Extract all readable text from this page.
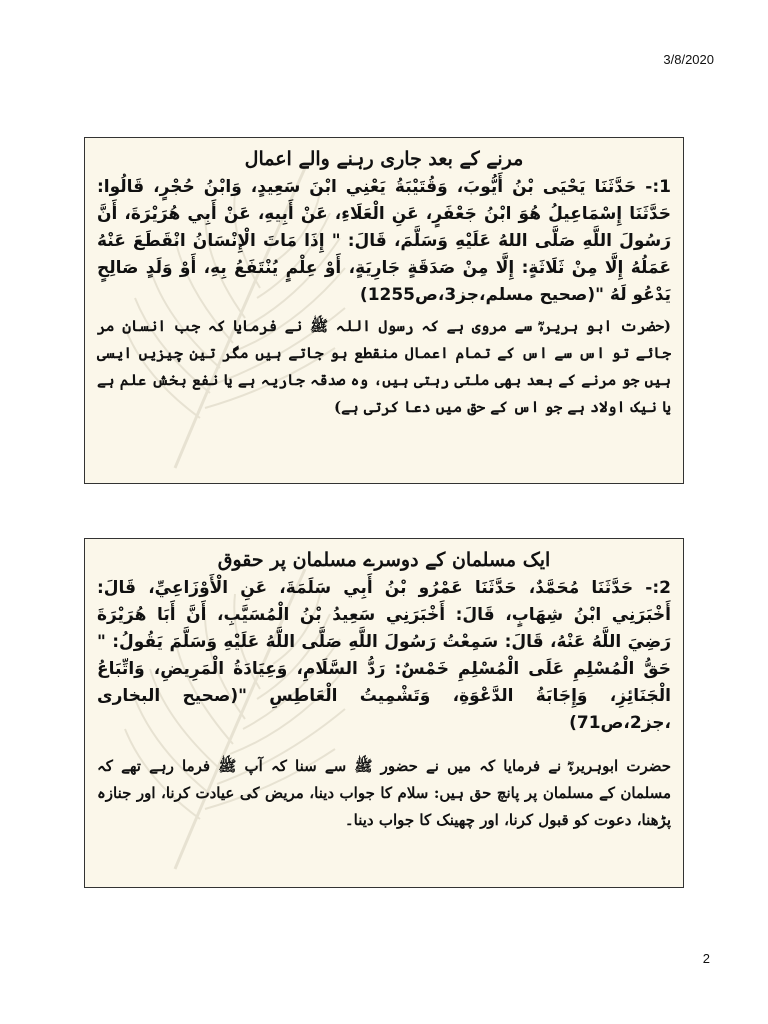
3/8/2020
مرنے کے بعد جاری رہنے والے اعمال

1:- حَدَّثَنَا يَحْيَى بْنُ أَيُّوبَ، وَقُتَيْبَةُ يَعْنِي ابْنَ سَعِيدٍ، وَابْنُ حُجْرٍ، قَالُوا: حَدَّثَنَا إِسْمَاعِيلُ هُوَ ابْنُ جَعْفَرٍ، عَنِ الْعَلَاءِ، عَنْ أَبِيهِ، عَنْ أَبِي هُرَيْرَةَ، أَنَّ رَسُولَ اللَّهِ صَلَّى اللهُ عَلَيْهِ وَسَلَّمَ، قَالَ: " إِذَا مَاتَ الْإِنْسَانُ انْقَطَعَ عَنْهُ عَمَلُهُ إِلَّا مِنْ ثَلَاثَةٍ: إِلَّا مِنْ صَدَقَةٍ جَارِيَةٍ، أَوْ عِلْمٍ يُنْتَفَعُ بِهِ، أَوْ وَلَدٍ صَالِحٍ يَدْعُو لَهُ "(صحيح مسلم،جز3،ص1255)

(حضرت ابو ہریرہؓ سے مروی ہے کہ رسول اللہ ﷺ نے فرمایا کہ جب انسان مر جائے تو اس سے اس کے تمام اعمال منقطع ہو جاتے ہیں مگر تین چیزیں ایسی ہیں جو مرنے کے بعد بھی ملتی رہتی ہیں، وہ صدقہ جاریہ ہے یا نفع بخش علم ہے یا نیک اولاد ہے جو اس کے حق میں دعا کرتی ہے)

ایک مسلمان کے دوسرے مسلمان پر حقوق

2:- حَدَّثَنَا مُحَمَّدٌ، حَدَّثَنَا عَمْرُو بْنُ أَبِي سَلَمَةَ، عَنِ الْأَوْزَاعِيِّ، قَالَ: أَخْبَرَنِي ابْنُ شِهَابٍ، قَالَ: أَخْبَرَنِي سَعِيدُ بْنُ الْمُسَيَّبِ، أَنَّ أَبَا هُرَيْرَةَ رَضِيَ اللَّهُ عَنْهُ، قَالَ: سَمِعْتُ رَسُولَ اللَّهِ صَلَّى اللَّهُ عَلَيْهِ وَسَلَّمَ يَقُولُ: " حَقُّ الْمُسْلِمِ عَلَى الْمُسْلِمِ خَمْسٌ: رَدُّ السَّلَامِ، وَعِيَادَةُ الْمَرِيضِ، وَاتِّبَاعُ الْجَنَائِزِ، وَإِجَابَةُ الدَّعْوَةِ، وَتَشْمِيتُ الْعَاطِسِ "(صحيح البخارى ،جز2،ص71)

حضرت ابوہریرہؓ نے فرمایا کہ میں نے حضور ﷺ سے سنا کہ آپ ﷺ فرما رہے تھے کہ مسلمان کے مسلمان پر پانچ حق ہیں: سلام کا جواب دینا، مریض کی عیادت کرنا، اور جنازہ پڑھنا، دعوت کو قبول کرنا، اور چھینک کا جواب دینا۔

2
